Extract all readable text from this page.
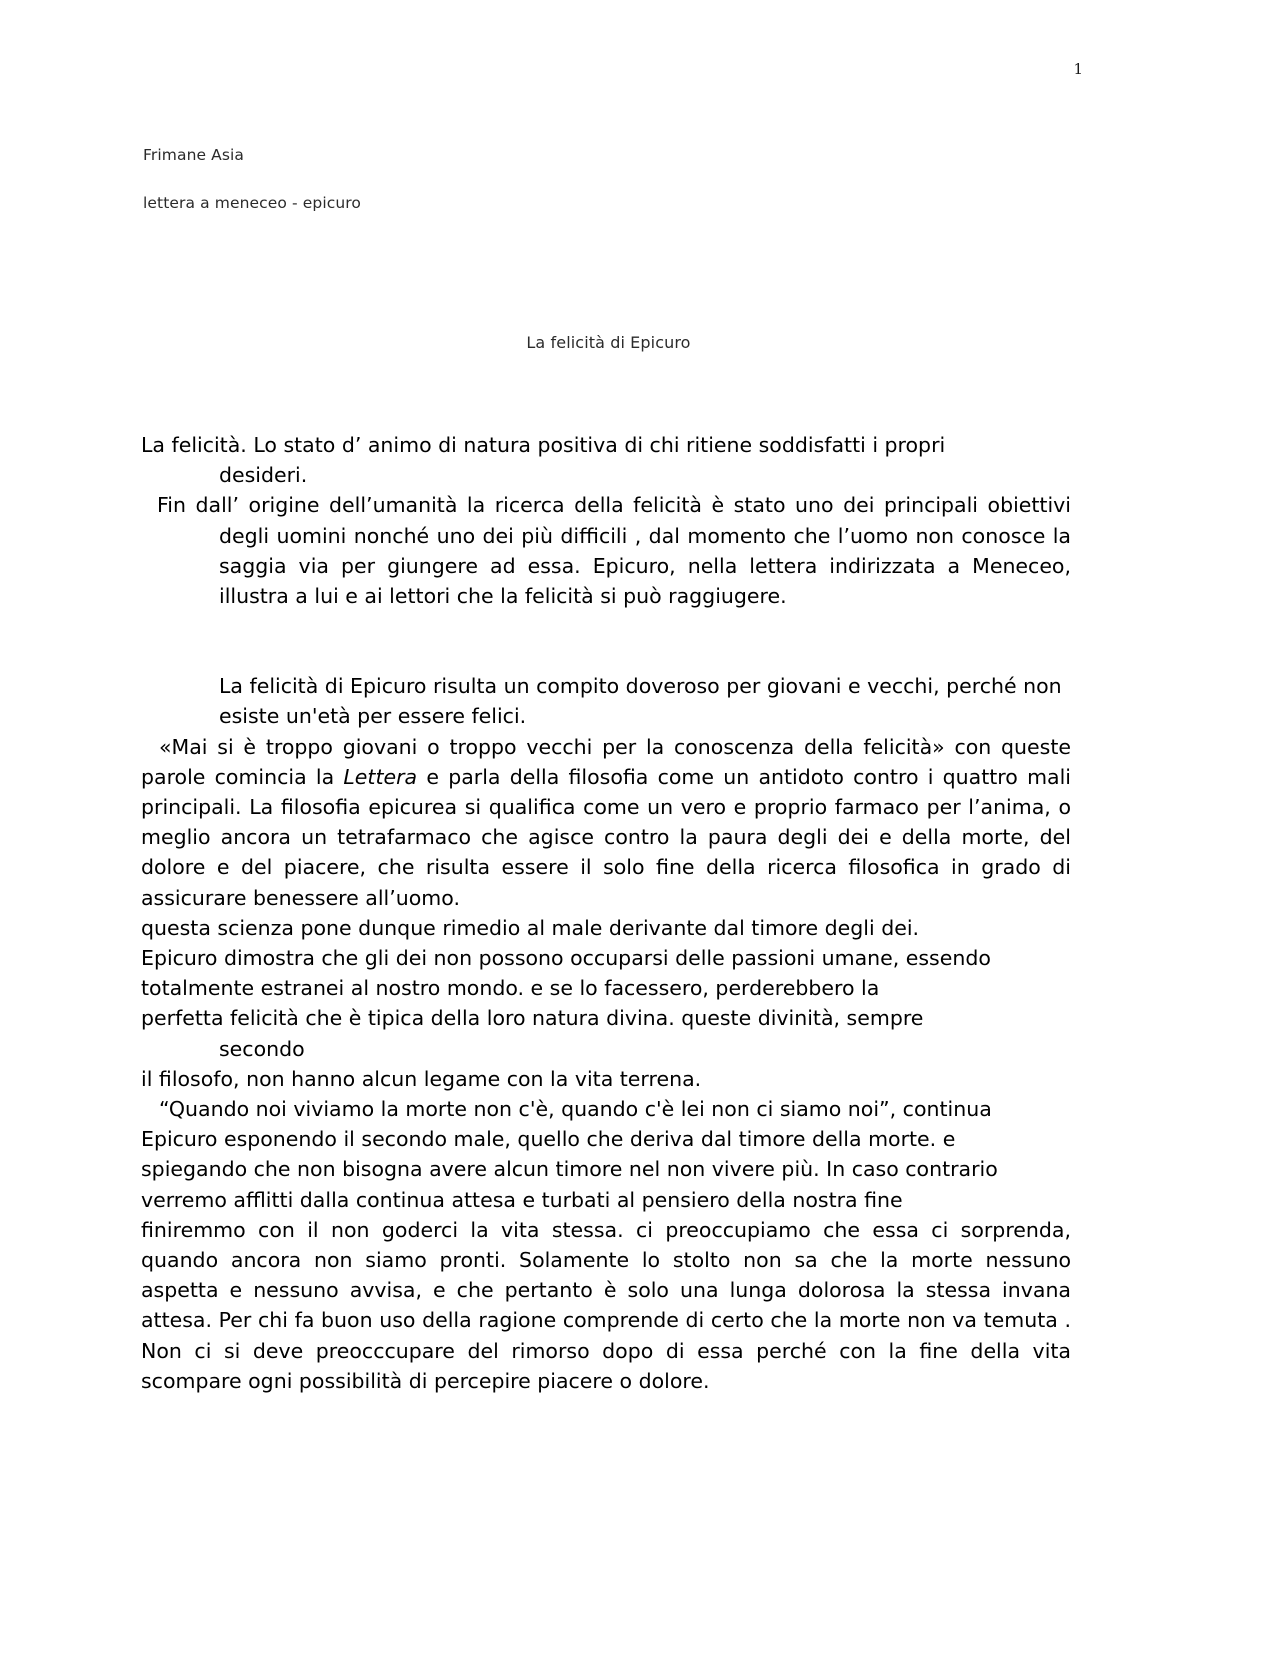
1
Frimane Asia
lettera a meneceo - epicuro
La felicità di Epicuro

La felicità. Lo stato d’ animo di natura positiva di chi ritiene soddisfatti i propri

desideri.

Fin dall’ origine dell’umanità la ricerca della felicità è stato uno dei principali obiettivi degli uomini nonché uno dei più difficili , dal momento che l’uomo non conosce la saggia via per giungere ad essa. Epicuro, nella lettera indirizzata a Meneceo, illustra a lui e ai lettori che la felicità si può raggiugere.

La felicità di Epicuro risulta un compito doveroso per giovani e vecchi, perché non esiste un'età per essere felici.

«Mai si è troppo giovani o troppo vecchi per la conoscenza della felicità» con queste parole comincia la Lettera e parla della filosofia come un antidoto contro i quattro mali principali. La filosofia epicurea si qualifica come un vero e proprio farmaco per l’anima, o meglio ancora un tetrafarmaco che agisce contro la paura degli dei e della morte, del dolore e del piacere, che risulta essere il solo fine della ricerca filosofica in grado di assicurare benessere all’uomo.

questa scienza pone dunque rimedio al male derivante dal timore degli dei.

Epicuro dimostra che gli dei non possono occuparsi delle passioni umane, essendo totalmente estranei al nostro mondo. e se lo facessero, perderebbero la

perfetta felicità che è tipica della loro natura divina. queste divinità, sempre

secondo

il filosofo, non hanno alcun legame con la vita terrena.

“Quando noi viviamo la morte non c'è, quando c'è lei non ci siamo noi”, continua

Epicuro esponendo il secondo male, quello che deriva dal timore della morte. e

spiegando che non bisogna avere alcun timore nel non vivere più. In caso contrario

verremo afflitti dalla continua attesa e turbati al pensiero della nostra fine

finiremmo con il non goderci la vita stessa. ci preoccupiamo che essa ci sorprenda, quando ancora non siamo pronti. Solamente lo stolto non sa che la morte nessuno aspetta e nessuno avvisa, e che pertanto è solo una lunga dolorosa la stessa invana attesa. Per chi fa buon uso della ragione comprende di certo che la morte non va temuta . Non ci si deve preocccupare del rimorso dopo di essa perché con la fine della vita scompare ogni possibilità di percepire piacere o dolore.
